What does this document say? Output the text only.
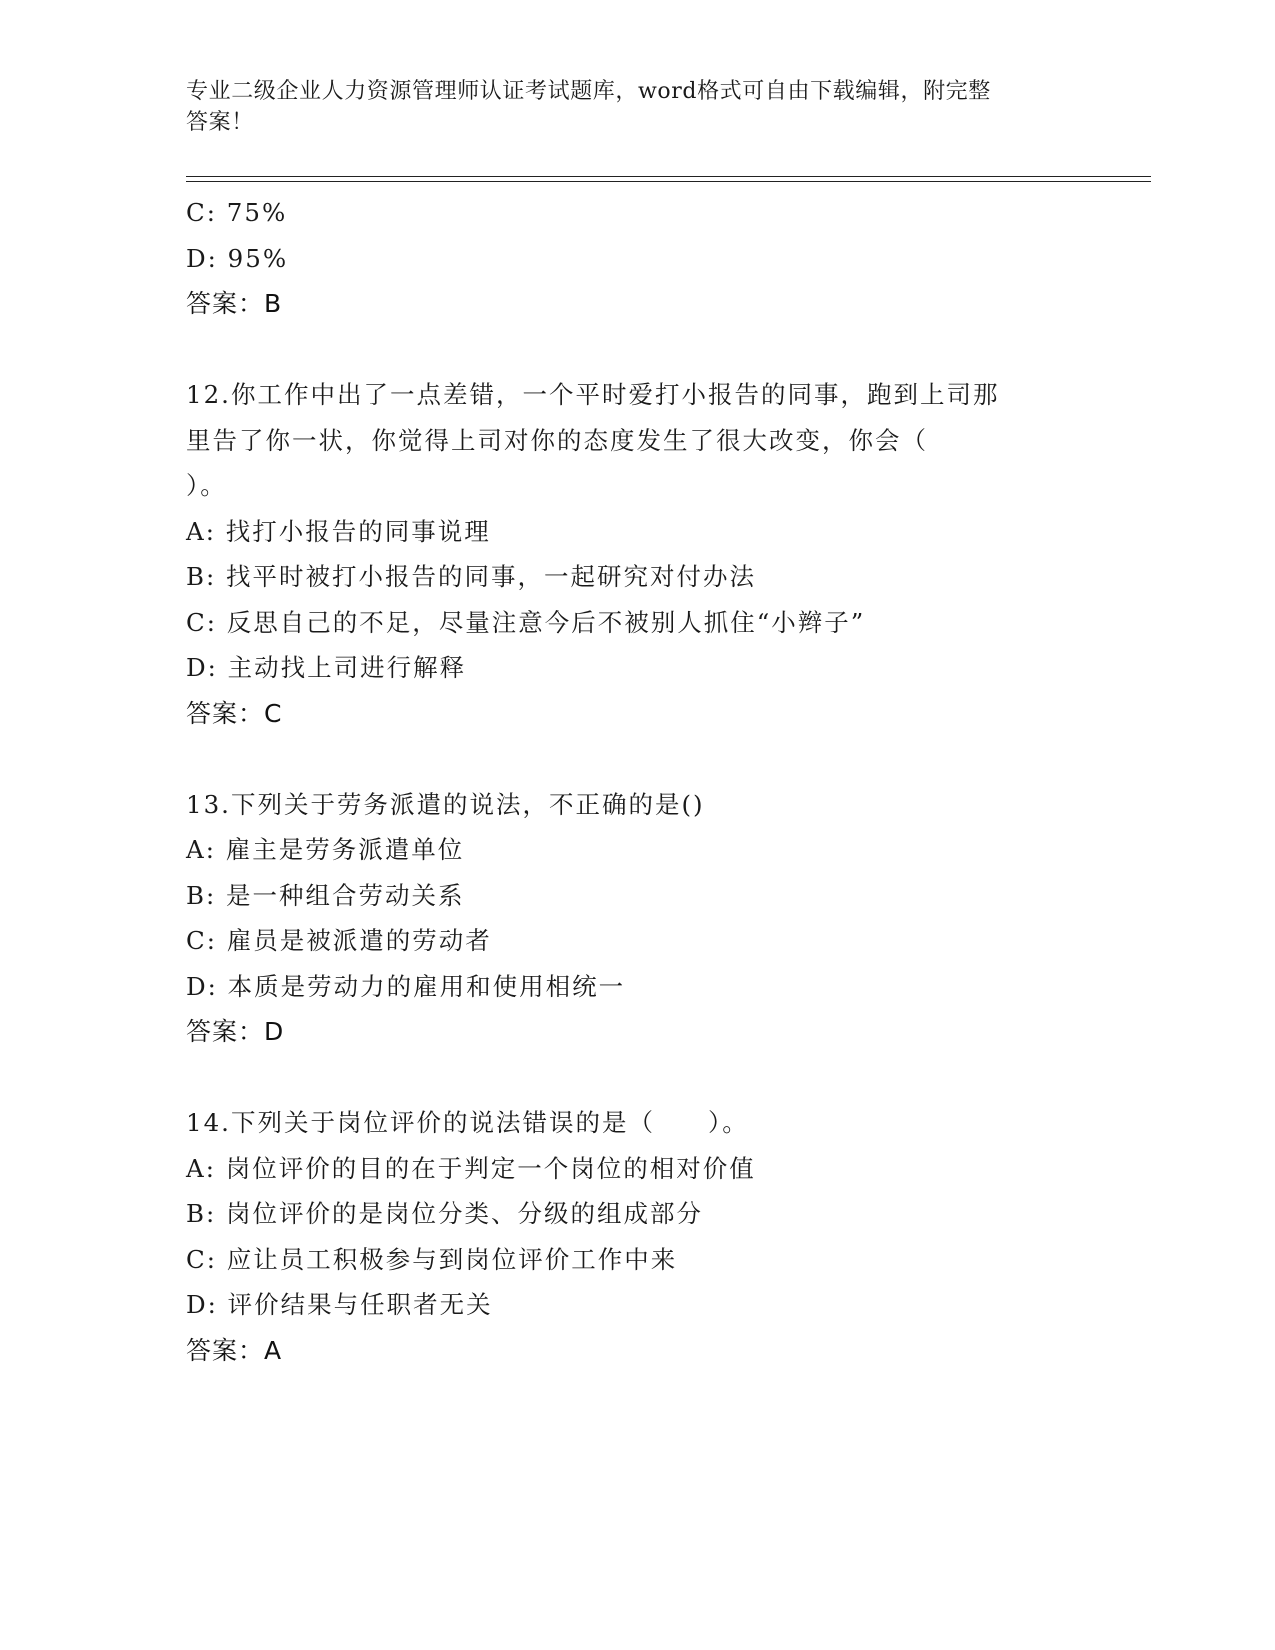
专业二级企业人力资源管理师认证考试题库，word格式可自由下载编辑，附完整
答案！
C: 75%
D: 95%
答案：B
12.你工作中出了一点差错，一个平时爱打小报告的同事，跑到上司那
里告了你一状，你觉得上司对你的态度发生了很大改变，你会（
）。
A: 找打小报告的同事说理
B: 找平时被打小报告的同事，一起研究对付办法
C: 反思自己的不足，尽量注意今后不被别人抓住“小辫子”
D: 主动找上司进行解释
答案：C
13.下列关于劳务派遣的说法，不正确的是()
A: 雇主是劳务派遣单位
B: 是一种组合劳动关系
C: 雇员是被派遣的劳动者
D: 本质是劳动力的雇用和使用相统一
答案：D
14.下列关于岗位评价的说法错误的是（　　）。
A: 岗位评价的目的在于判定一个岗位的相对价值
B: 岗位评价的是岗位分类、分级的组成部分
C: 应让员工积极参与到岗位评价工作中来
D: 评价结果与任职者无关
答案：A
